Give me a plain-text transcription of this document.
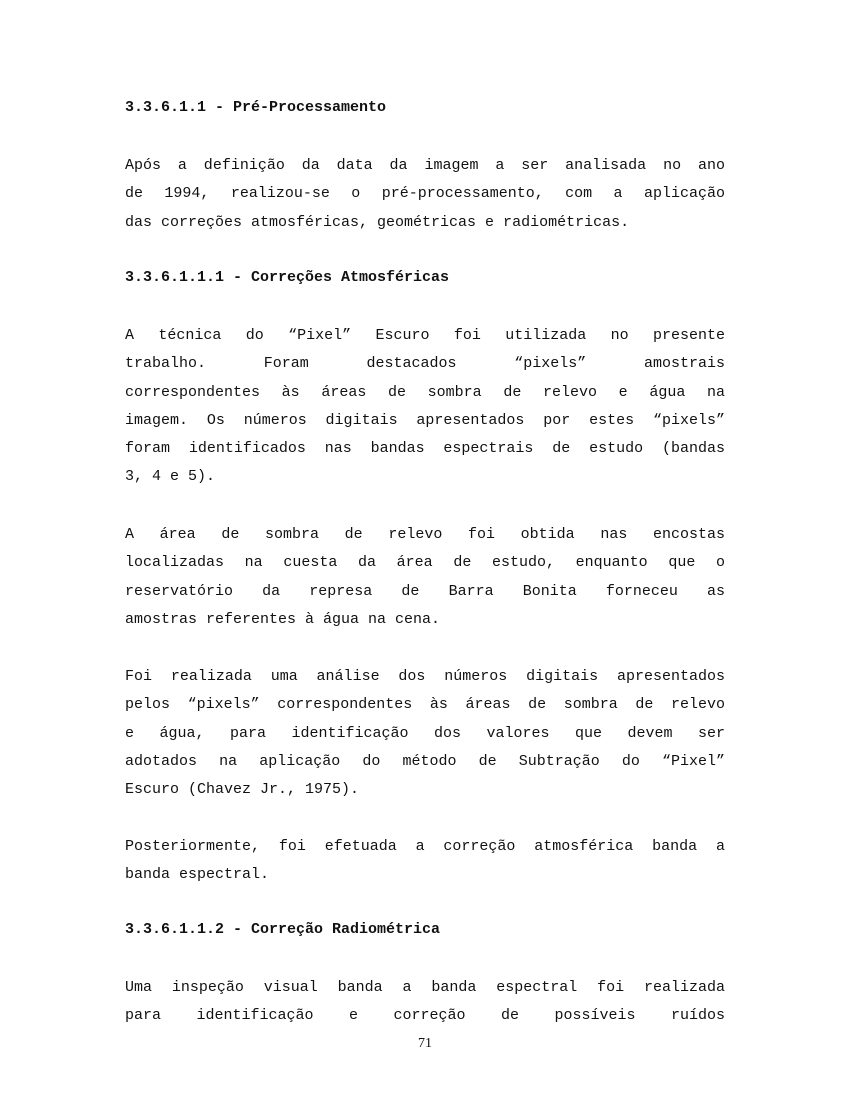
3.3.6.1.1 - Pré-Processamento
Após a definição da data da imagem a ser analisada no ano
de 1994, realizou-se o pré-processamento, com a aplicação
das correções atmosféricas, geométricas e radiométricas.
3.3.6.1.1.1 - Correções Atmosféricas
A técnica do “Pixel” Escuro foi utilizada no presente
trabalho. Foram destacados “pixels” amostrais
correspondentes às áreas de sombra de relevo e água na
imagem. Os números digitais apresentados por estes “pixels”
foram identificados nas bandas espectrais de estudo (bandas
3, 4 e 5).
A área de sombra de relevo foi obtida nas encostas
localizadas na cuesta da área de estudo, enquanto que o
reservatório da represa de Barra Bonita forneceu as
amostras referentes à água na cena.
Foi realizada uma análise dos números digitais apresentados
pelos “pixels” correspondentes às áreas de sombra de relevo
e água, para identificação dos valores que devem ser
adotados na aplicação do método de Subtração do “Pixel”
Escuro (Chavez Jr., 1975).
Posteriormente, foi efetuada a correção atmosférica banda a
banda espectral.
3.3.6.1.1.2 - Correção Radiométrica
Uma inspeção visual banda a banda espectral foi realizada
para identificação e correção de possíveis ruídos
71
